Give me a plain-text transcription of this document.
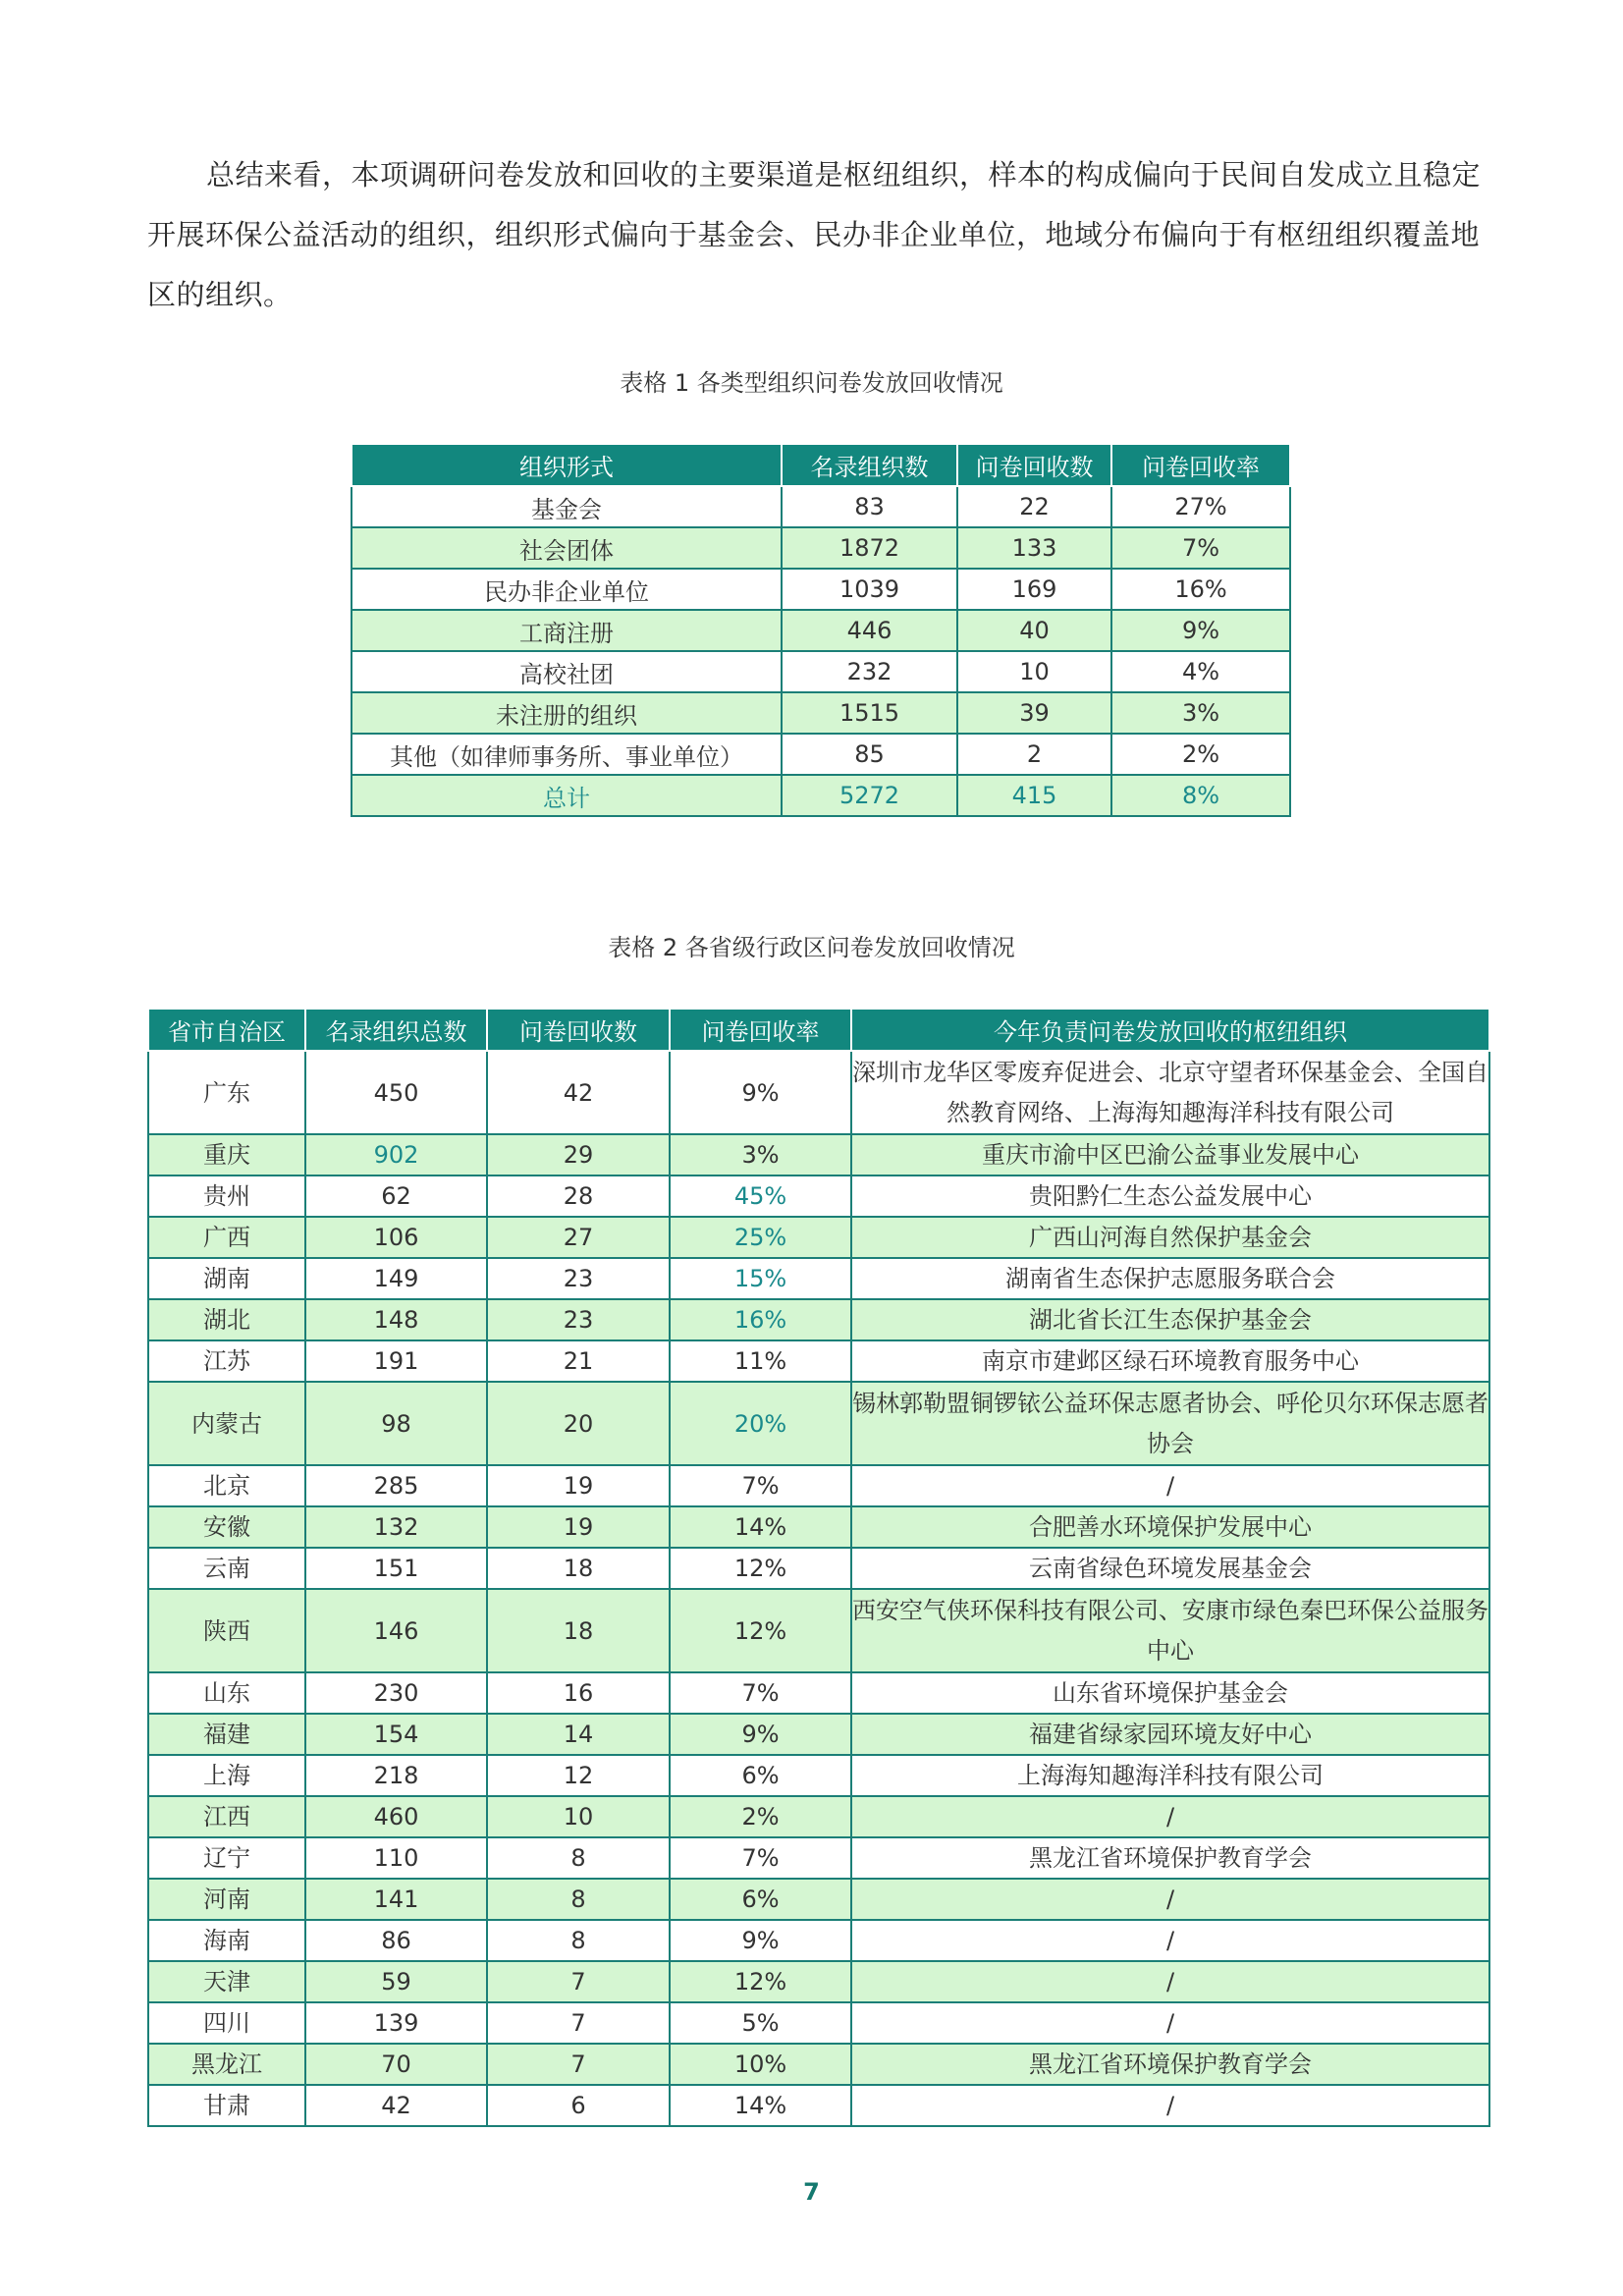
总结来看，本项调研问卷发放和回收的主要渠道是枢纽组织，样本的构成偏向于民间自发成立且稳定开展环保公益活动的组织，组织形式偏向于基金会、民办非企业单位，地域分布偏向于有枢纽组织覆盖地区的组织。

表格 1 各类型组织问卷发放回收情况
组织形式	名录组织数	问卷回收数	问卷回收率
基金会	83	22	27%
社会团体	1872	133	7%
民办非企业单位	1039	169	16%
工商注册	446	40	9%
高校社团	232	10	4%
未注册的组织	1515	39	3%
其他（如律师事务所、事业单位）	85	2	2%
总计	5272	415	8%
表格 2 各省级行政区问卷发放回收情况
省市自治区	名录组织总数	问卷回收数	问卷回收率	今年负责问卷发放回收的枢纽组织
广东	450	42	9%	深圳市龙华区零废弃促进会、北京守望者环保基金会、全国自然教育网络、上海海知趣海洋科技有限公司
重庆	902	29	3%	重庆市渝中区巴渝公益事业发展中心
贵州	62	28	45%	贵阳黔仁生态公益发展中心
广西	106	27	25%	广西山河海自然保护基金会
湖南	149	23	15%	湖南省生态保护志愿服务联合会
湖北	148	23	16%	湖北省长江生态保护基金会
江苏	191	21	11%	南京市建邺区绿石环境教育服务中心
内蒙古	98	20	20%	锡林郭勒盟铜锣铱公益环保志愿者协会、呼伦贝尔环保志愿者协会
北京	285	19	7%	/
安徽	132	19	14%	合肥善水环境保护发展中心
云南	151	18	12%	云南省绿色环境发展基金会
陕西	146	18	12%	西安空气侠环保科技有限公司、安康市绿色秦巴环保公益服务中心
山东	230	16	7%	山东省环境保护基金会
福建	154	14	9%	福建省绿家园环境友好中心
上海	218	12	6%	上海海知趣海洋科技有限公司
江西	460	10	2%	/
辽宁	110	8	7%	黑龙江省环境保护教育学会
河南	141	8	6%	/
海南	86	8	9%	/
天津	59	7	12%	/
四川	139	7	5%	/
黑龙江	70	7	10%	黑龙江省环境保护教育学会
甘肃	42	6	14%	/
7
